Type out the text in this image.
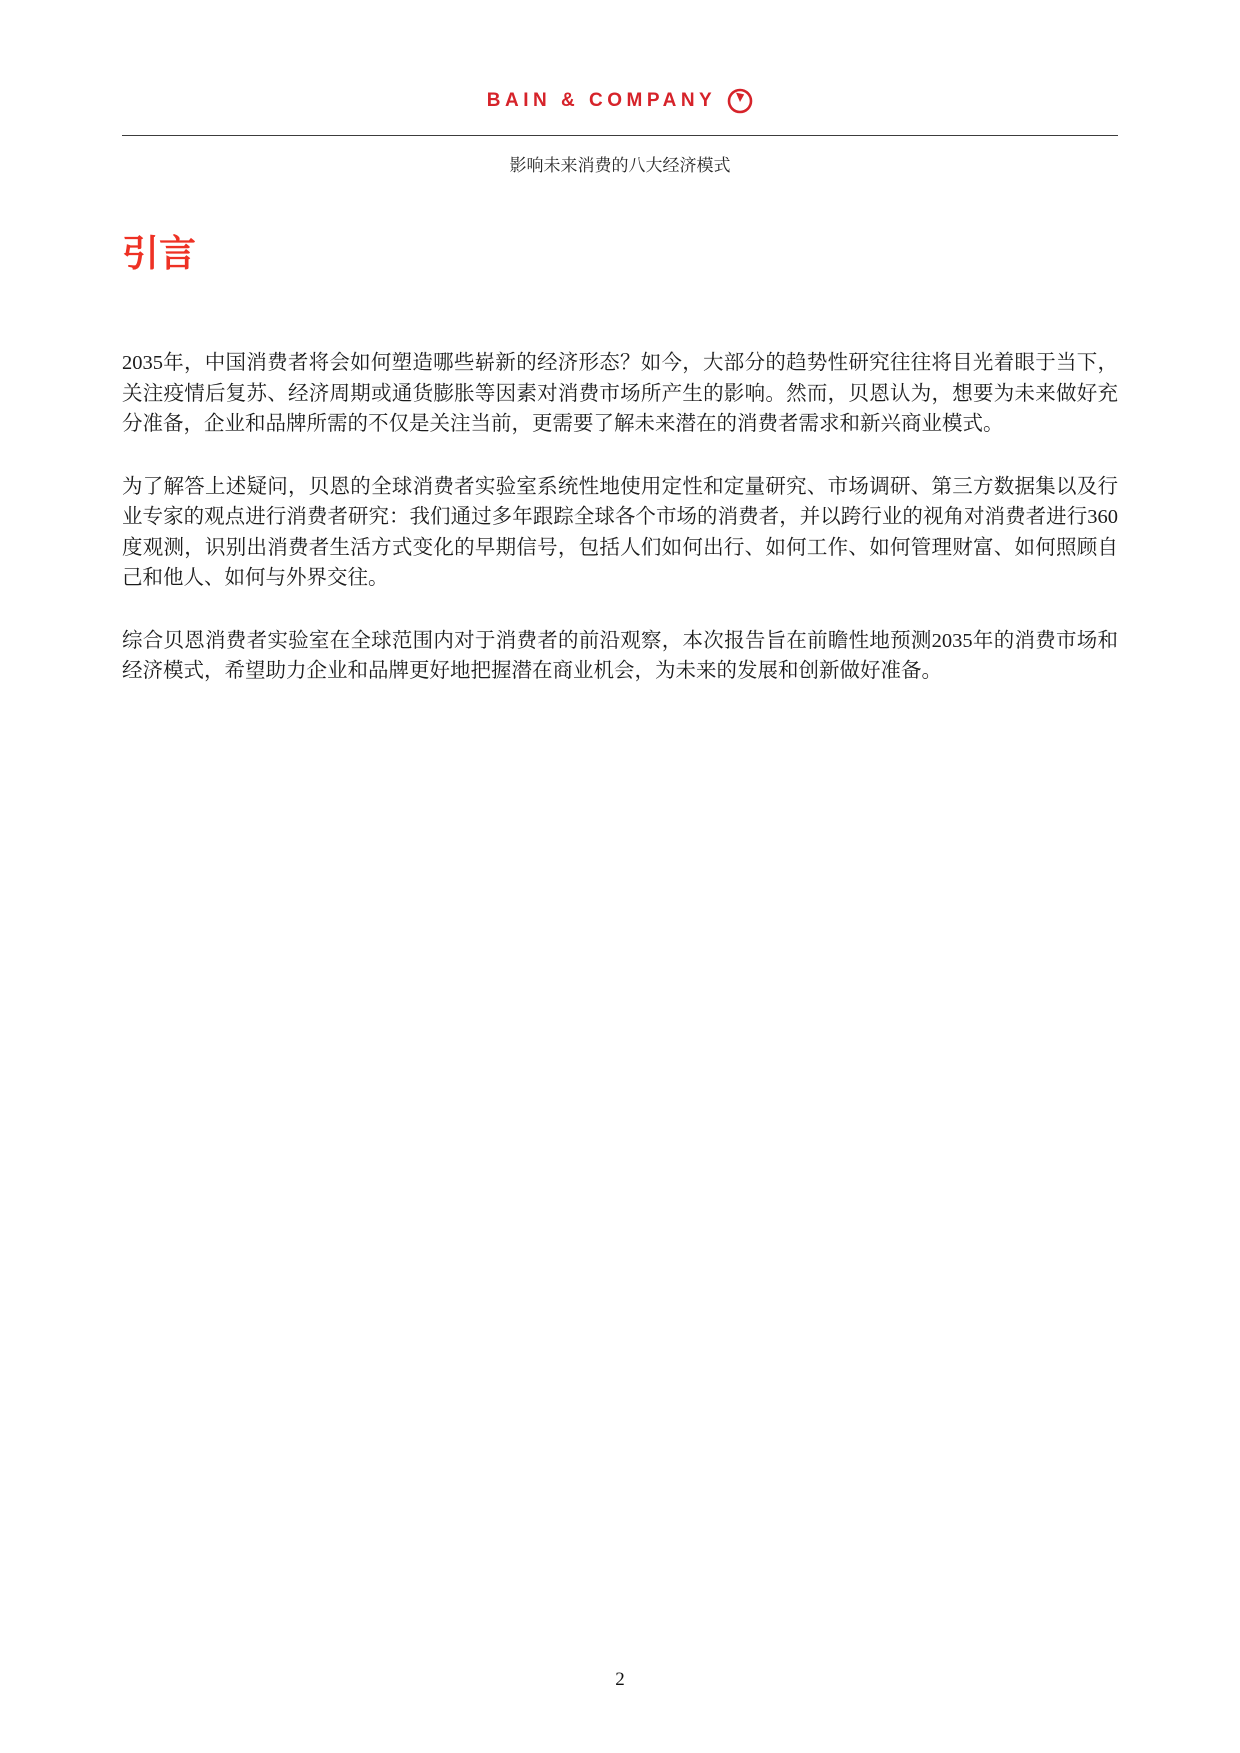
BAIN & COMPANY
影响未来消费的八大经济模式
引言

2035年，中国消费者将会如何塑造哪些崭新的经济形态？如今，大部分的趋势性研究往往将目光着眼于当下，关注疫情后复苏、经济周期或通货膨胀等因素对消费市场所产生的影响。然而，贝恩认为，想要为未来做好充分准备，企业和品牌所需的不仅是关注当前，更需要了解未来潜在的消费者需求和新兴商业模式。

为了解答上述疑问，贝恩的全球消费者实验室系统性地使用定性和定量研究、市场调研、第三方数据集以及行业专家的观点进行消费者研究：我们通过多年跟踪全球各个市场的消费者，并以跨行业的视角对消费者进行360度观测，识别出消费者生活方式变化的早期信号，包括人们如何出行、如何工作、如何管理财富、如何照顾自己和他人、如何与外界交往。

综合贝恩消费者实验室在全球范围内对于消费者的前沿观察，本次报告旨在前瞻性地预测2035年的消费市场和经济模式，希望助力企业和品牌更好地把握潜在商业机会，为未来的发展和创新做好准备。

2
